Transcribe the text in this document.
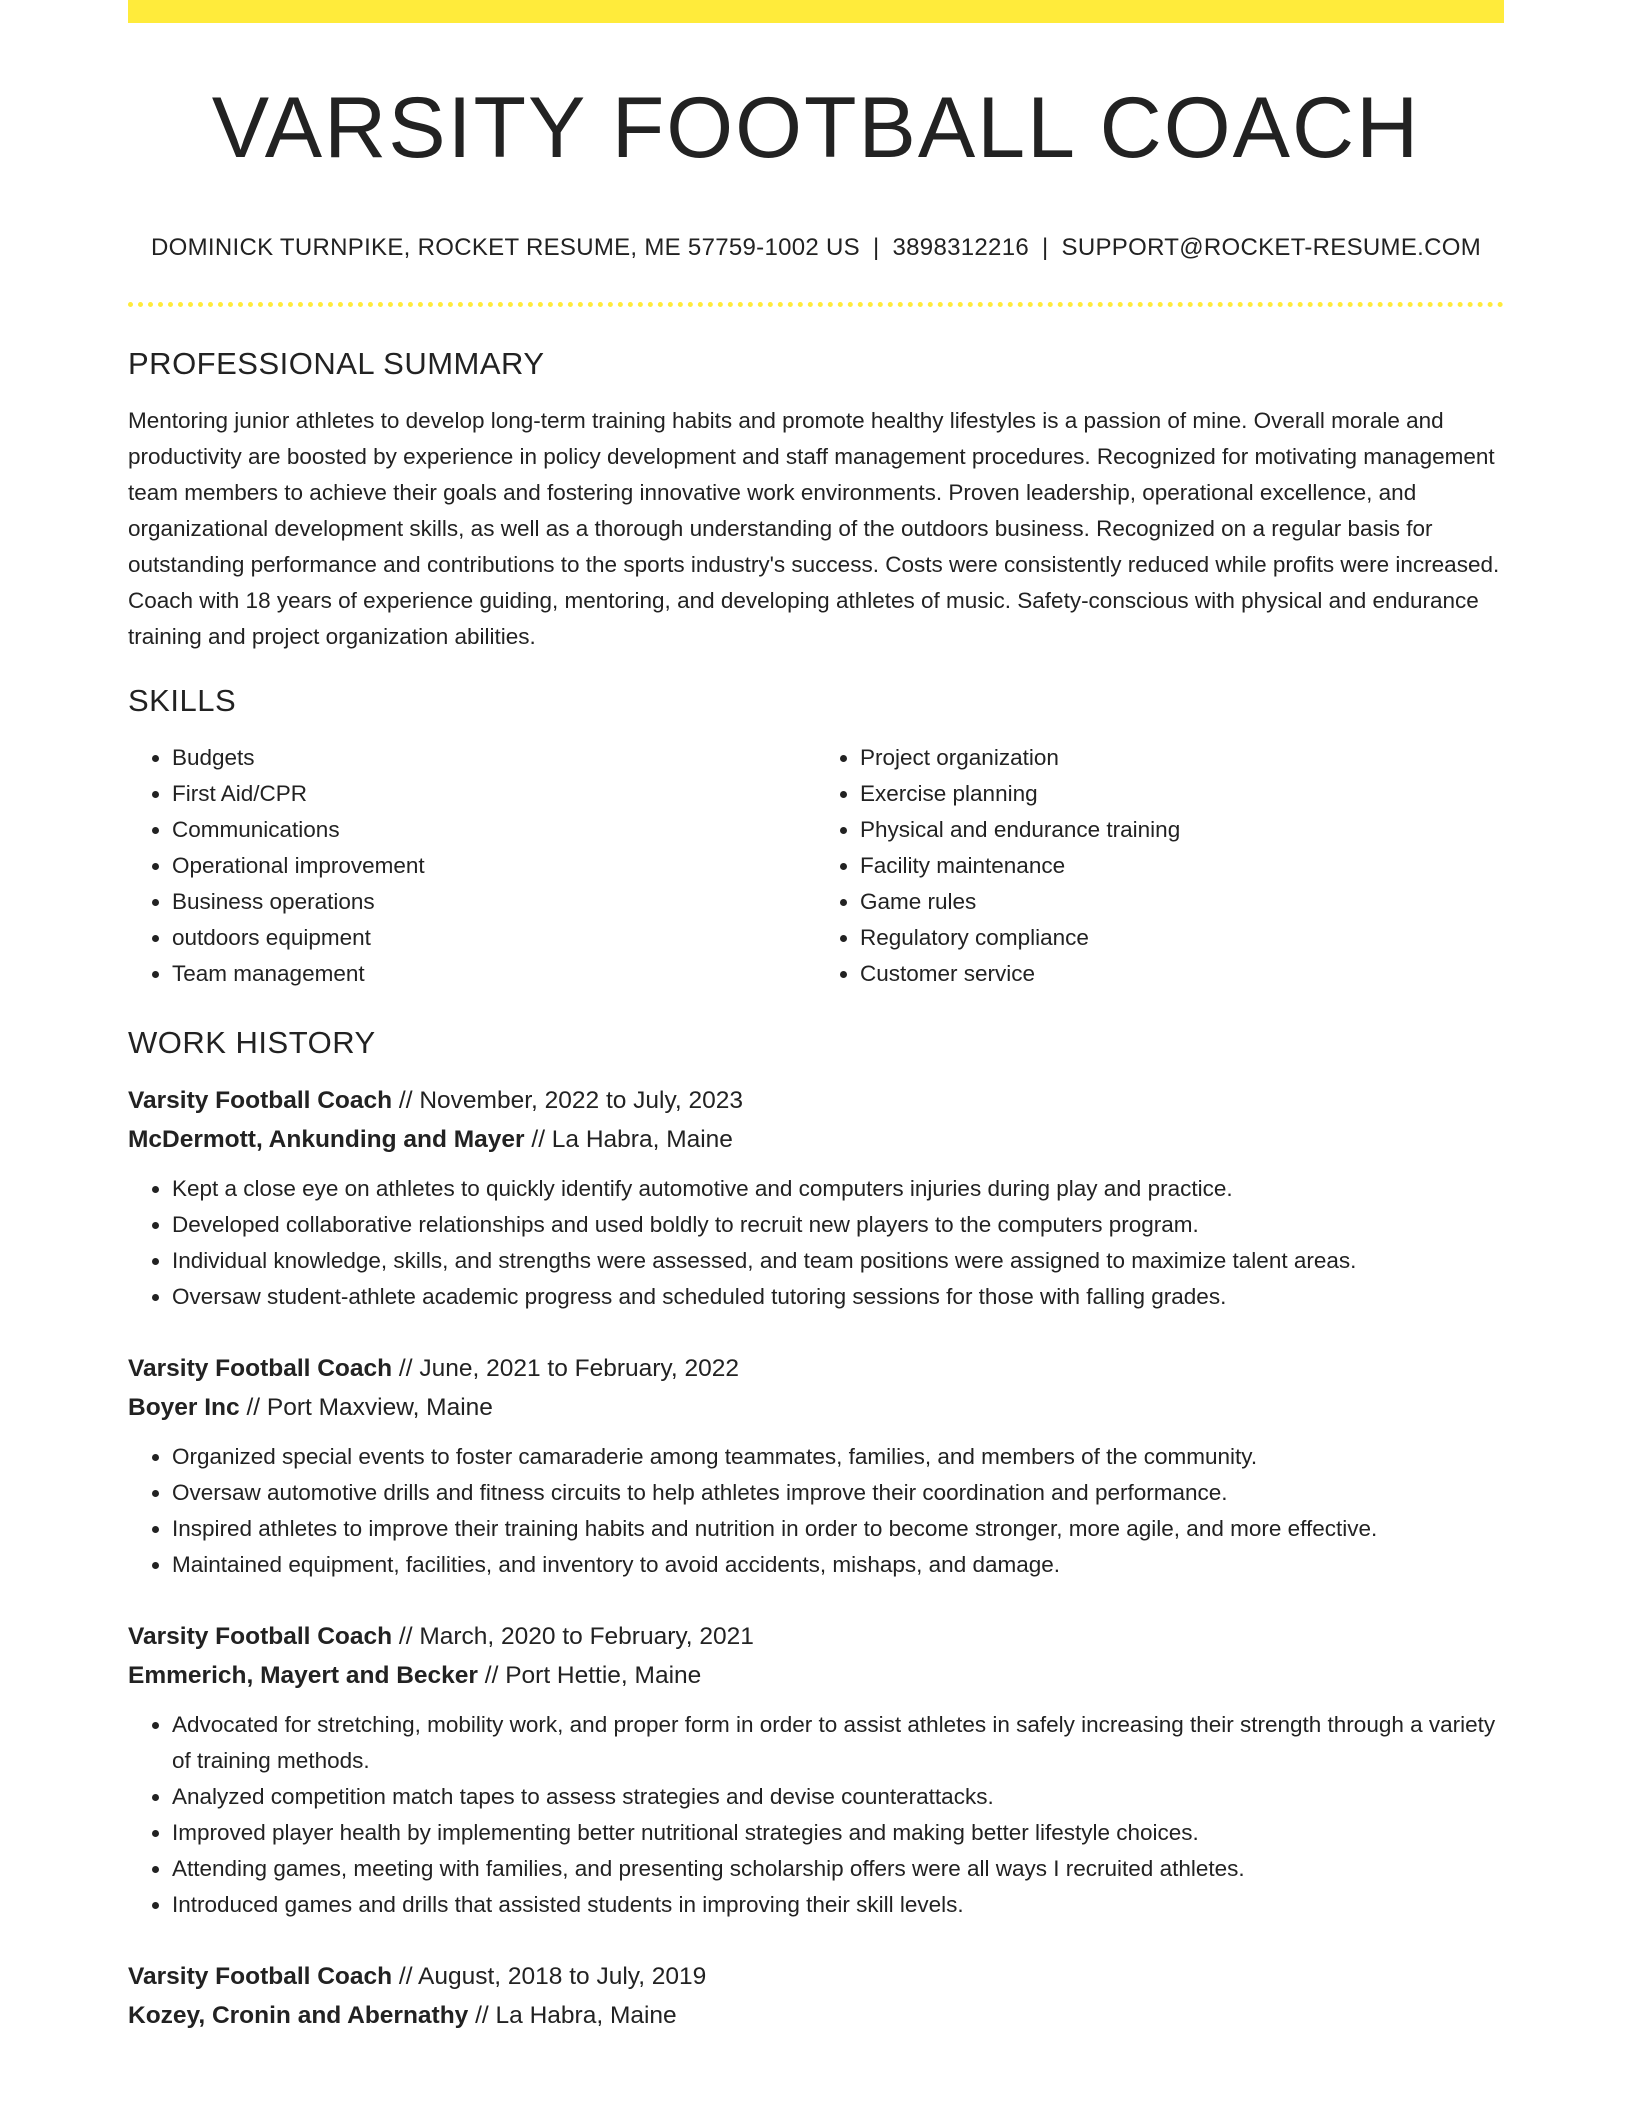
VARSITY FOOTBALL COACH
DOMINICK TURNPIKE, ROCKET RESUME, ME 57759-1002 US | 3898312216 | SUPPORT@ROCKET-RESUME.COM
PROFESSIONAL SUMMARY
Mentoring junior athletes to develop long-term training habits and promote healthy lifestyles is a passion of mine. Overall morale and productivity are boosted by experience in policy development and staff management procedures. Recognized for motivating management team members to achieve their goals and fostering innovative work environments. Proven leadership, operational excellence, and organizational development skills, as well as a thorough understanding of the outdoors business. Recognized on a regular basis for outstanding performance and contributions to the sports industry's success. Costs were consistently reduced while profits were increased. Coach with 18 years of experience guiding, mentoring, and developing athletes of music. Safety-conscious with physical and endurance training and project organization abilities.
SKILLS
• Budgets
• First Aid/CPR
• Communications
• Operational improvement
• Business operations
• outdoors equipment
• Team management
• Project organization
• Exercise planning
• Physical and endurance training
• Facility maintenance
• Game rules
• Regulatory compliance
• Customer service
WORK HISTORY
Varsity Football Coach // November, 2022 to July, 2023
McDermott, Ankunding and Mayer // La Habra, Maine
• Kept a close eye on athletes to quickly identify automotive and computers injuries during play and practice.
• Developed collaborative relationships and used boldly to recruit new players to the computers program.
• Individual knowledge, skills, and strengths were assessed, and team positions were assigned to maximize talent areas.
• Oversaw student-athlete academic progress and scheduled tutoring sessions for those with falling grades.
Varsity Football Coach // June, 2021 to February, 2022
Boyer Inc // Port Maxview, Maine
• Organized special events to foster camaraderie among teammates, families, and members of the community.
• Oversaw automotive drills and fitness circuits to help athletes improve their coordination and performance.
• Inspired athletes to improve their training habits and nutrition in order to become stronger, more agile, and more effective.
• Maintained equipment, facilities, and inventory to avoid accidents, mishaps, and damage.
Varsity Football Coach // March, 2020 to February, 2021
Emmerich, Mayert and Becker // Port Hettie, Maine
• Advocated for stretching, mobility work, and proper form in order to assist athletes in safely increasing their strength through a variety of training methods.
• Analyzed competition match tapes to assess strategies and devise counterattacks.
• Improved player health by implementing better nutritional strategies and making better lifestyle choices.
• Attending games, meeting with families, and presenting scholarship offers were all ways I recruited athletes.
• Introduced games and drills that assisted students in improving their skill levels.
Varsity Football Coach // August, 2018 to July, 2019
Kozey, Cronin and Abernathy // La Habra, Maine
